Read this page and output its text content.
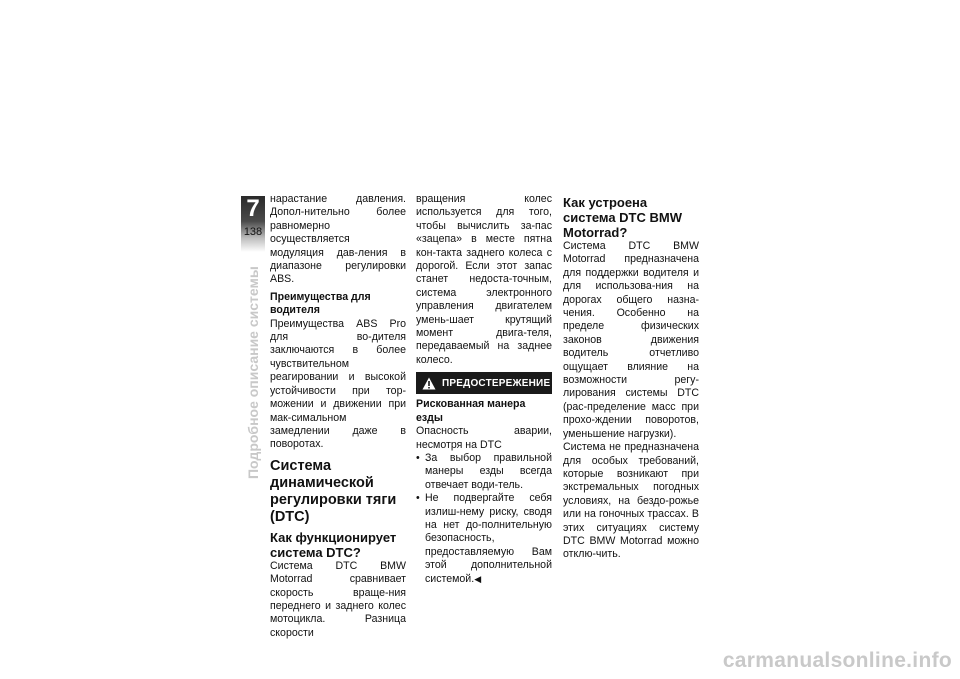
7
138
Подробное описание системы

нарастание давления. Допол-нительно более равномерно осуществляется модуляция дав-ления в диапазоне регулировки ABS.

Преимущества для водителя

Преимущества ABS Pro для во-дителя заключаются в более чувствительном реагировании и высокой устойчивости при тор-можении и движении при мак-симальном замедлении даже в поворотах.

Система динамической регулировки тяги (DTC)
Как функционирует система DTC?

Система DTC BMW Motorrad сравнивает скорость враще-ния переднего и заднего колес мотоцикла. Разница скорости

вращения колес используется для того, чтобы вычислить за-пас «зацепа» в месте пятна кон-такта заднего колеса с дорогой. Если этот запас станет недоста-точным, система электронного управления двигателем умень-шает крутящий момент двига-теля, передаваемый на заднее колесо.

ПРЕДОСТЕРЕЖЕНИЕ
Рискованная манера езды

Опасность аварии, несмотря на DTC

• За выбор правильной манеры езды всегда отвечает води-тель.
• Не подвергайте себя излиш-нему риску, сводя на нет до-полнительную безопасность, предоставляемую Вам этой дополнительной системой.◀
Как устроена система DTC BMW Motorrad?

Система DTC BMW Motorrad предназначена для поддержки водителя и для использова-ния на дорогах общего назна-чения. Особенно на пределе физических законов движения водитель отчетливо ощущает влияние на возможности регу-лирования системы DTC (рас-пределение масс при прохо-ждении поворотов, уменьшение нагрузки).

Система не предназначена для особых требований, которые возникают при экстремальных погодных условиях, на бездо-рожье или на гоночных трассах. В этих ситуациях систему DTC BMW Motorrad можно отклю-чить.

carmanualsonline.info
